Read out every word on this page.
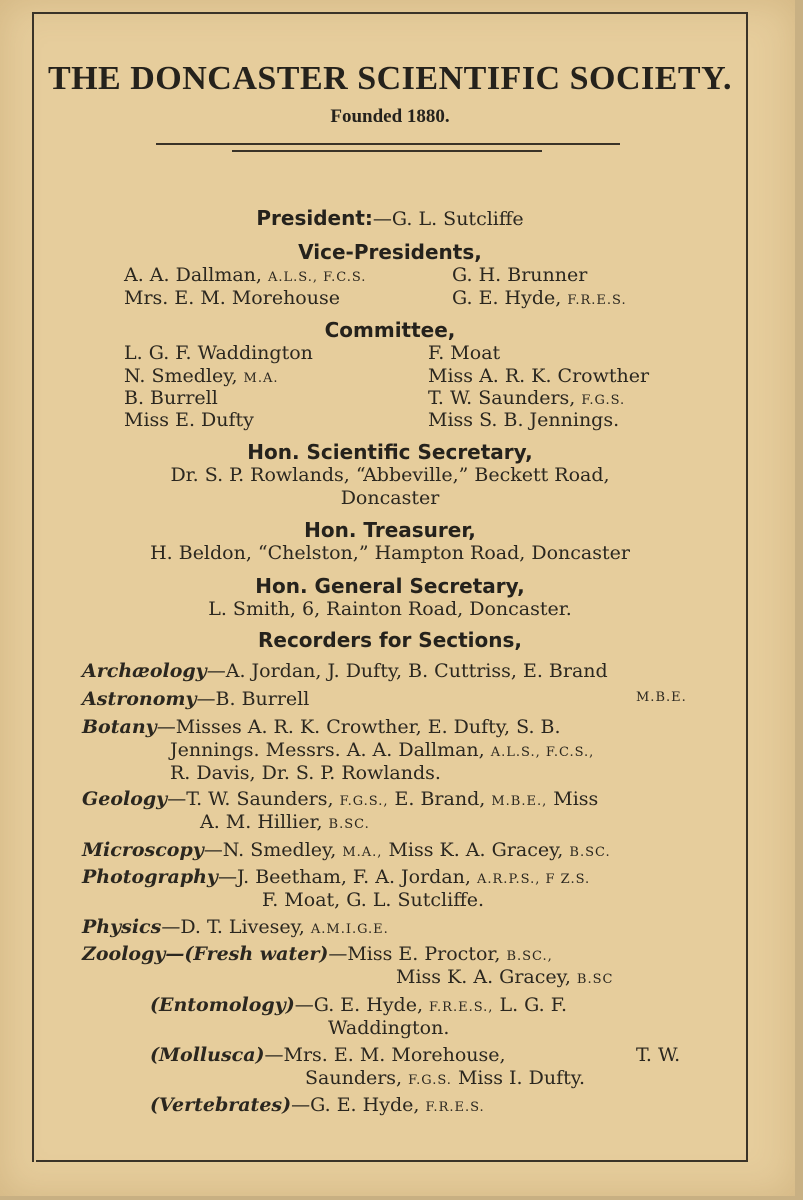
THE DONCASTER SCIENTIFIC SOCIETY.
Founded 1880.
President:—G. L. Sutcliffe
Vice-Presidents,
A. A. Dallman, A.L.S., F.C.S.	G. H. Brunner
Mrs. E. M. Morehouse	G. E. Hyde, F.R.E.S.
Committee,
L. G. F. Waddington	F. Moat
N. Smedley, M.A.	Miss A. R. K. Crowther
B. Burrell	T. W. Saunders, F.G.S.
Miss E. Dufty	Miss S. B. Jennings.
Hon. Scientific Secretary,
Dr. S. P. Rowlands, “Abbeville,” Beckett Road,
Doncaster
Hon. Treasurer,
H. Beldon, “Chelston,” Hampton Road, Doncaster
Hon. General Secretary,
L. Smith, 6, Rainton Road, Doncaster.
Recorders for Sections,
Archæology—A. Jordan, J. Dufty, B. Cuttriss, E. Brand
Astronomy—B. Burrell	M.B.E.
Botany—Misses A. R. K. Crowther, E. Dufty, S. B.
Jennings. Messrs. A. A. Dallman, A.L.S., F.C.S.,
R. Davis, Dr. S. P. Rowlands.
Geology—T. W. Saunders, F.G.S., E. Brand, M.B.E., Miss
A. M. Hillier, B.SC.
Microscopy—N. Smedley, M.A., Miss K. A. Gracey, B.SC.
Photography—J. Beetham, F. A. Jordan, A.R.P.S., F Z.S.
F. Moat, G. L. Sutcliffe.
Physics—D. T. Livesey, A.M.I.G.E.
Zoology—(Fresh water)—Miss E. Proctor, B.SC.,
Miss K. A. Gracey, B.SC
(Entomology)—G. E. Hyde, F.R.E.S., L. G. F.
Waddington.
(Mollusca)—Mrs. E. M. Morehouse,	T. W.
Saunders, F.G.S. Miss I. Dufty.
(Vertebrates)—G. E. Hyde, F.R.E.S.
